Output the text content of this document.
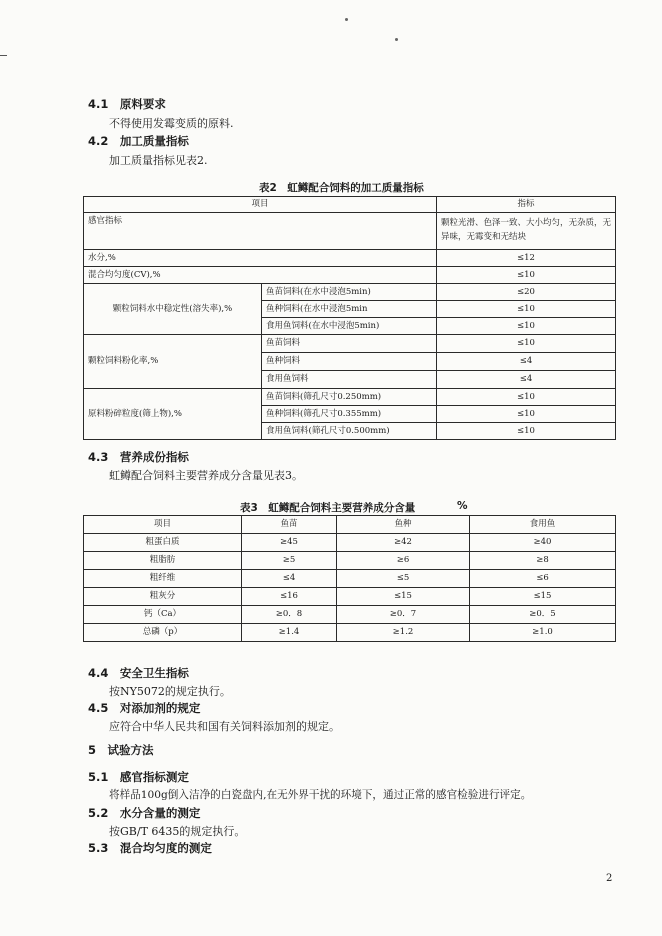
4.1　 原料要求
不得使用发霉变质的原料.
4.2　 加工质量指标
加工质量指标见表2.
表2　虹鳟配合饲料的加工质量指标
项目		指标
感官指标		颗粒光滑、色泽一致、大小均匀，无杂质，无异味，无霉变和无结块
水分,%		≤12
混合均匀度(CV),%		≤10
颗粒饲料水中稳定性(溶失率),%	鱼苗饲料(在水中浸泡5min)	≤20
	鱼种饲料(在水中浸泡5min	≤10
	食用鱼饲料(在水中浸泡5min)	≤10
颗粒饲料粉化率,%	鱼苗饲料	≤10
	鱼种饲料	≤4
	食用鱼饲料	≤4
原料粉碎粒度(筛上物),%	鱼苗饲料(筛孔尺寸0.250mm)	≤10
	鱼种饲料(筛孔尺寸0.355mm)	≤10
	食用鱼饲料(筛孔尺寸0.500mm)	≤10
4.3　 营养成份指标
虹鳟配合饲料主要营养成分含量见表3。
表3　虹鳟配合饲料主要营养成分含量	%
项目	鱼苗	鱼种	食用鱼
粗蛋白质	≥45	≥42	≥40
粗脂肪	≥5	≥6	≥8
粗纤维	≤4	≤5	≤6
粗灰分	≤16	≤15	≤15
钙（Ca）	≥0．8	≥0．7	≥0．5
总磷（p）	≥1.4	≥1.2	≥1.0
4.4　 安全卫生指标
按NY5072的规定执行。
4.5　 对添加剂的规定
应符合中华人民共和国有关饲料添加剂的规定。
5　 试验方法
5.1　 感官指标测定
将样品100g倒入洁净的白瓷盘内,在无外界干扰的环境下，通过正常的感官检验进行评定。
5.2　 水分含量的测定
按GB/T 6435的规定执行。
5.3　 混合均匀度的测定
2
